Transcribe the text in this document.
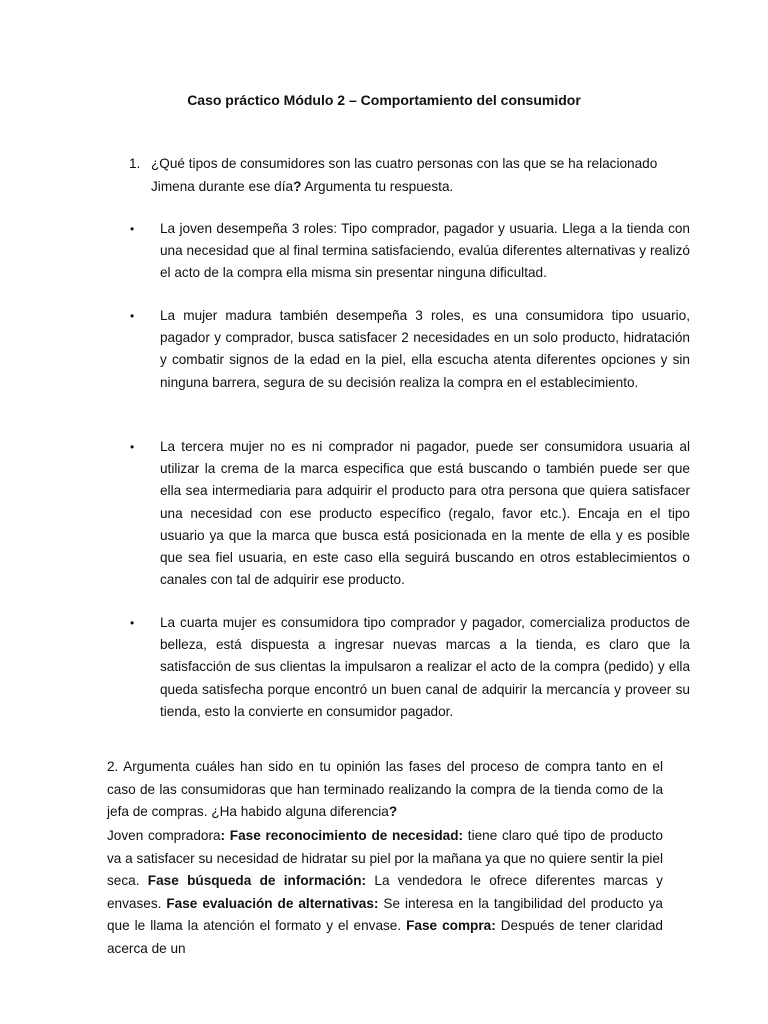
Caso práctico Módulo 2 – Comportamiento del consumidor
1. ¿Qué tipos de consumidores son las cuatro personas con las que se ha relacionado Jimena durante ese día? Argumenta tu respuesta.
• La joven desempeña 3 roles: Tipo comprador, pagador y usuaria. Llega a la tienda con una necesidad que al final termina satisfaciendo, evalúa diferentes alternativas y realizó el acto de la compra ella misma sin presentar ninguna dificultad.
• La mujer madura también desempeña 3 roles, es una consumidora tipo usuario, pagador y comprador, busca satisfacer 2 necesidades en un solo producto, hidratación y combatir signos de la edad en la piel, ella escucha atenta diferentes opciones y sin ninguna barrera, segura de su decisión realiza la compra en el establecimiento.
• La tercera mujer no es ni comprador ni pagador, puede ser consumidora usuaria al utilizar la crema de la marca especifica que está buscando o también puede ser que ella sea intermediaria para adquirir el producto para otra persona que quiera satisfacer una necesidad con ese producto específico (regalo, favor etc.). Encaja en el tipo usuario ya que la marca que busca está posicionada en la mente de ella y es posible que sea fiel usuaria, en este caso ella seguirá buscando en otros establecimientos o canales con tal de adquirir ese producto.
• La cuarta mujer es consumidora tipo comprador y pagador, comercializa productos de belleza, está dispuesta a ingresar nuevas marcas a la tienda, es claro que la satisfacción de sus clientas la impulsaron a realizar el acto de la compra (pedido) y ella queda satisfecha porque encontró un buen canal de adquirir la mercancía y proveer su tienda, esto la convierte en consumidor pagador.
2. Argumenta cuáles han sido en tu opinión las fases del proceso de compra tanto en el caso de las consumidoras que han terminado realizando la compra de la tienda como de la jefa de compras. ¿Ha habido alguna diferencia?
Joven compradora: Fase reconocimiento de necesidad: tiene claro qué tipo de producto va a satisfacer su necesidad de hidratar su piel por la mañana ya que no quiere sentir la piel seca. Fase búsqueda de información: La vendedora le ofrece diferentes marcas y envases. Fase evaluación de alternativas: Se interesa en la tangibilidad del producto ya que le llama la atención el formato y el envase. Fase compra: Después de tener claridad acerca de un
